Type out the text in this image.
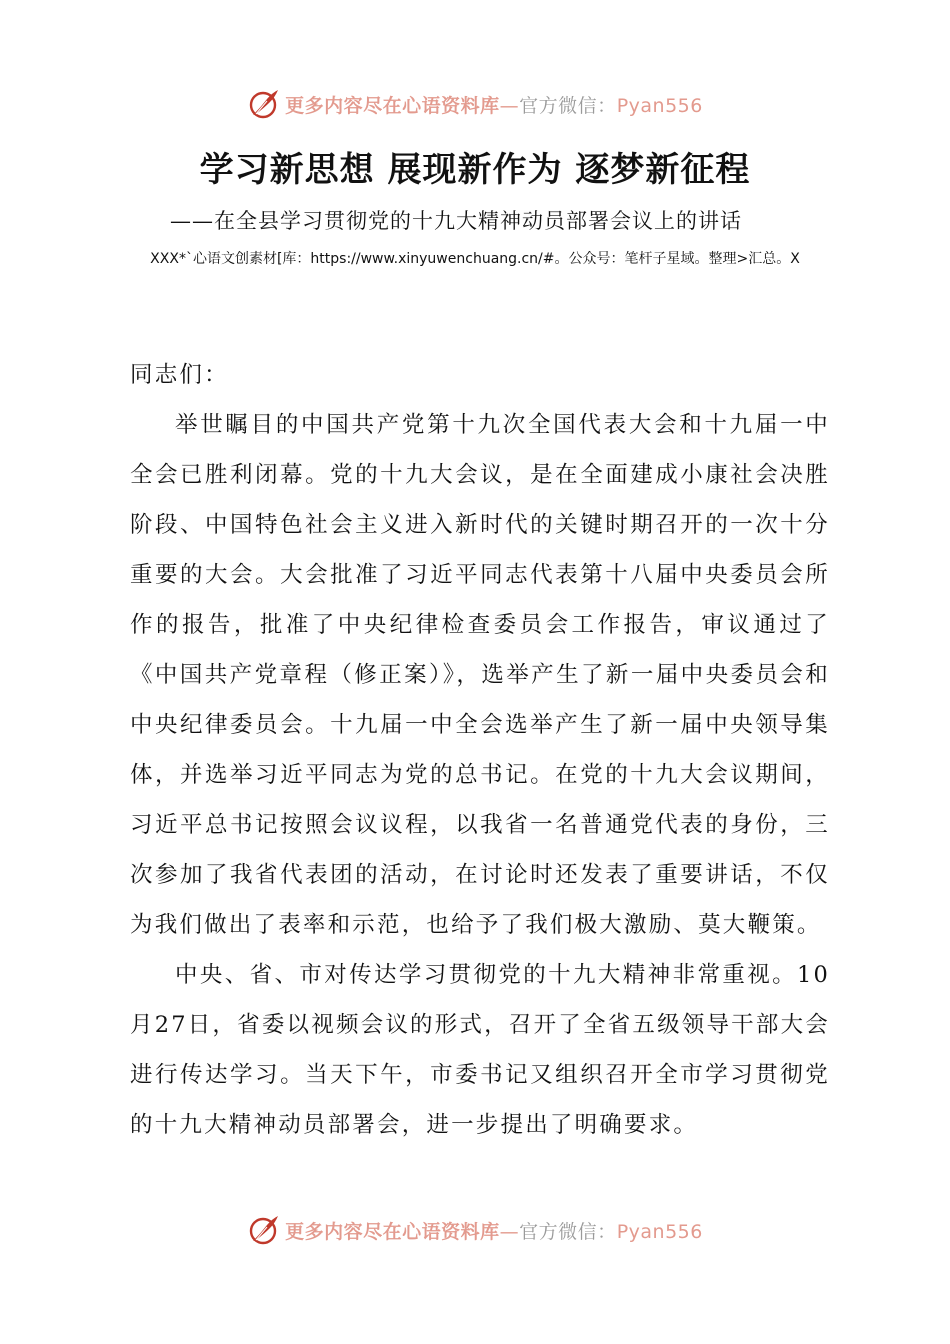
更多内容尽在心语资料库—官方微信：Pyan556
学习新思想 展现新作为 逐梦新征程
——在全县学习贯彻党的十九大精神动员部署会议上的讲话
XXX*`心语文创素材[库：https://www.xinyuwenchuang.cn/#。公众号：笔杆子星域。整理>汇总。X

同志们：

举世瞩目的中国共产党第十九次全国代表大会和十九届一中全会已胜利闭幕。党的十九大会议，是在全面建成小康社会决胜阶段、中国特色社会主义进入新时代的关键时期召开的一次十分重要的大会。大会批准了习近平同志代表第十八届中央委员会所作的报告，批准了中央纪律检查委员会工作报告，审议通过了《中国共产党章程（修正案）》，选举产生了新一届中央委员会和中央纪律委员会。十九届一中全会选举产生了新一届中央领导集体，并选举习近平同志为党的总书记。在党的十九大会议期间，习近平总书记按照会议议程，以我省一名普通党代表的身份，三次参加了我省代表团的活动，在讨论时还发表了重要讲话，不仅为我们做出了表率和示范，也给予了我们极大激励、莫大鞭策。

中央、省、市对传达学习贯彻党的十九大精神非常重视。10月27日，省委以视频会议的形式，召开了全省五级领导干部大会进行传达学习。当天下午，市委书记又组织召开全市学习贯彻党的十九大精神动员部署会，进一步提出了明确要求。

更多内容尽在心语资料库—官方微信：Pyan556
